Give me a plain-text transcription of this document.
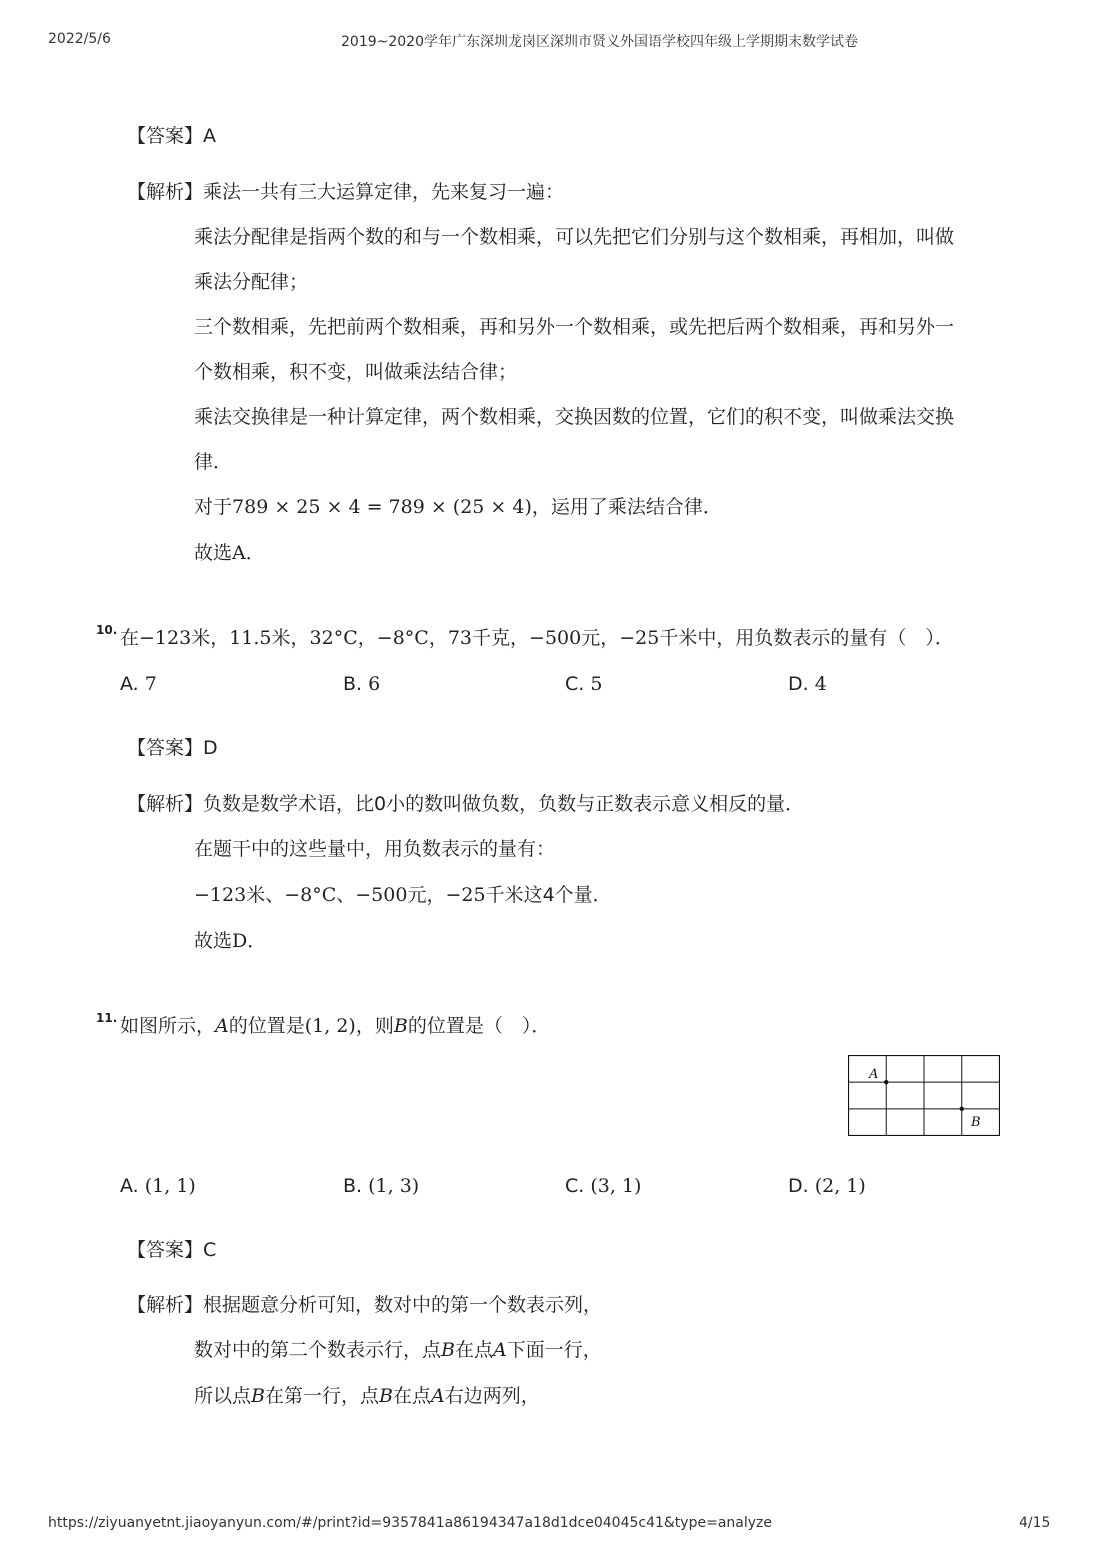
2022/5/6	2019~2020学年广东深圳龙岗区深圳市贤义外国语学校四年级上学期期末数学试卷
【答案】A
【解析】乘法一共有三大运算定律，先来复习一遍：
乘法分配律是指两个数的和与一个数相乘，可以先把它们分别与这个数相乘，再相加，叫做
乘法分配律；
三个数相乘，先把前两个数相乘，再和另外一个数相乘，或先把后两个数相乘，再和另外一
个数相乘，积不变，叫做乘法结合律；
乘法交换律是一种计算定律，两个数相乘，交换因数的位置，它们的积不变，叫做乘法交换
律．
对于789 × 25 × 4 = 789 × (25 × 4)，运用了乘法结合律．
故选A．
10. 在−123米，11.5米，32°C，−8°C，73千克，−500元，−25千米中，用负数表示的量有（　）．
A. 7	B. 6	C. 5	D. 4
【答案】D
【解析】负数是数学术语，比0小的数叫做负数，负数与正数表示意义相反的量．
在题干中的这些量中，用负数表示的量有：
−123米、−8°C、−500元，−25千米这4个量．
故选D．
11. 如图所示，A的位置是(1, 2)，则B的位置是（　）．
A
B
A. (1, 1)	B. (1, 3)	C. (3, 1)	D. (2, 1)
【答案】C
【解析】根据题意分析可知，数对中的第一个数表示列，
数对中的第二个数表示行，点B在点A下面一行，
所以点B在第一行，点B在点A右边两列，
https://ziyuanyetnt.jiaoyanyun.com/#/print?id=9357841a86194347a18d1dce04045c41&type=analyze	4/15
